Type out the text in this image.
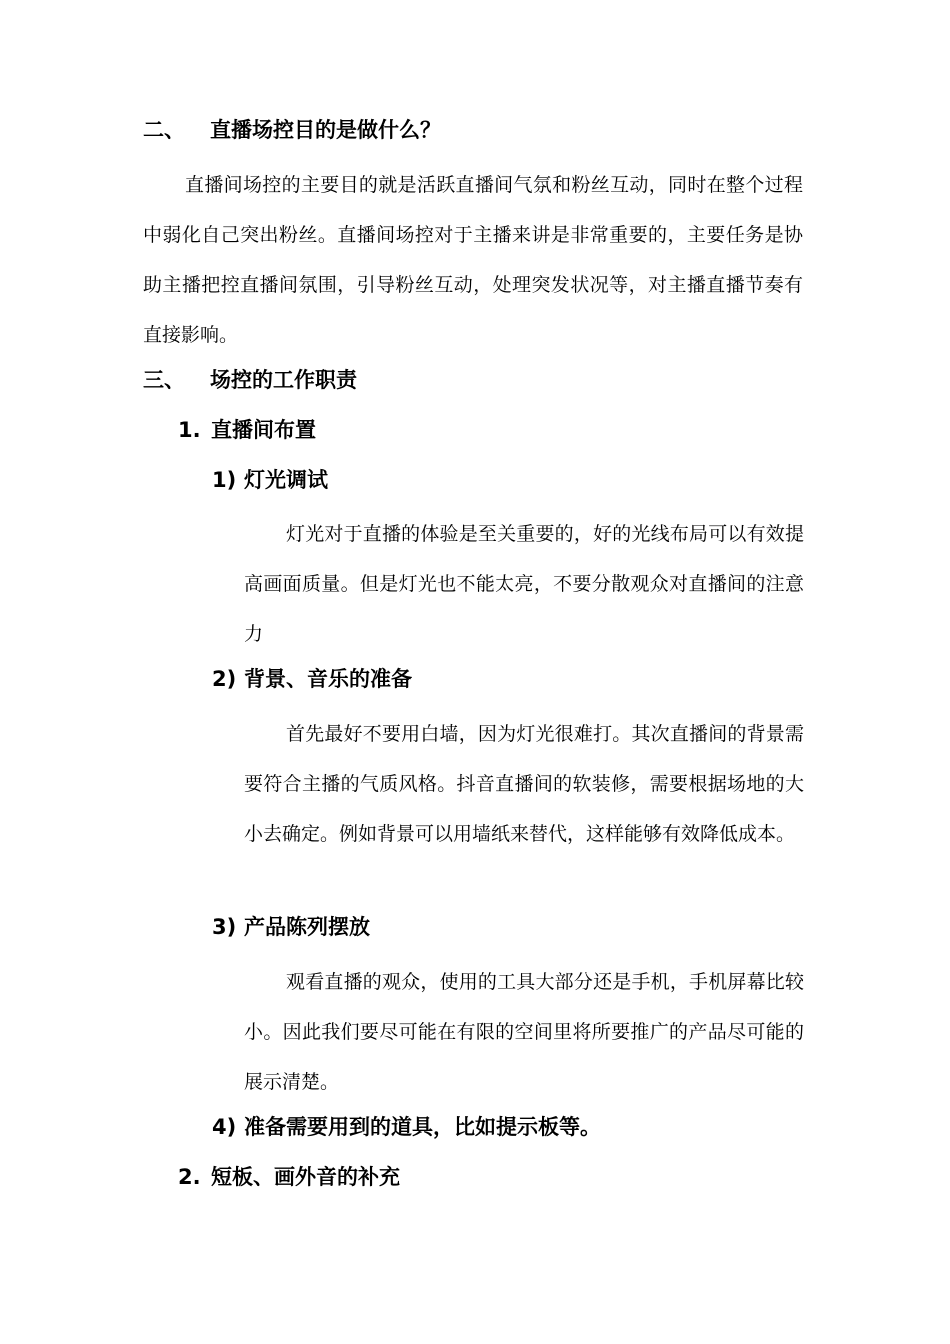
二、 直播场控目的是做什么？
直播间场控的主要目的就是活跃直播间气氛和粉丝互动，同时在整个过程中弱化自己突出粉丝。直播间场控对于主播来讲是非常重要的，主要任务是协助主播把控直播间氛围，引导粉丝互动，处理突发状况等，对主播直播节奏有直接影响。
三、 场控的工作职责
1. 直播间布置
1) 灯光调试
灯光对于直播的体验是至关重要的，好的光线布局可以有效提高画面质量。但是灯光也不能太亮，不要分散观众对直播间的注意力
2) 背景、音乐的准备
首先最好不要用白墙，因为灯光很难打。其次直播间的背景需要符合主播的气质风格。抖音直播间的软装修，需要根据场地的大小去确定。例如背景可以用墙纸来替代，这样能够有效降低成本。
3) 产品陈列摆放
观看直播的观众，使用的工具大部分还是手机，手机屏幕比较小。因此我们要尽可能在有限的空间里将所要推广的产品尽可能的展示清楚。
4) 准备需要用到的道具，比如提示板等。
2. 短板、画外音的补充
